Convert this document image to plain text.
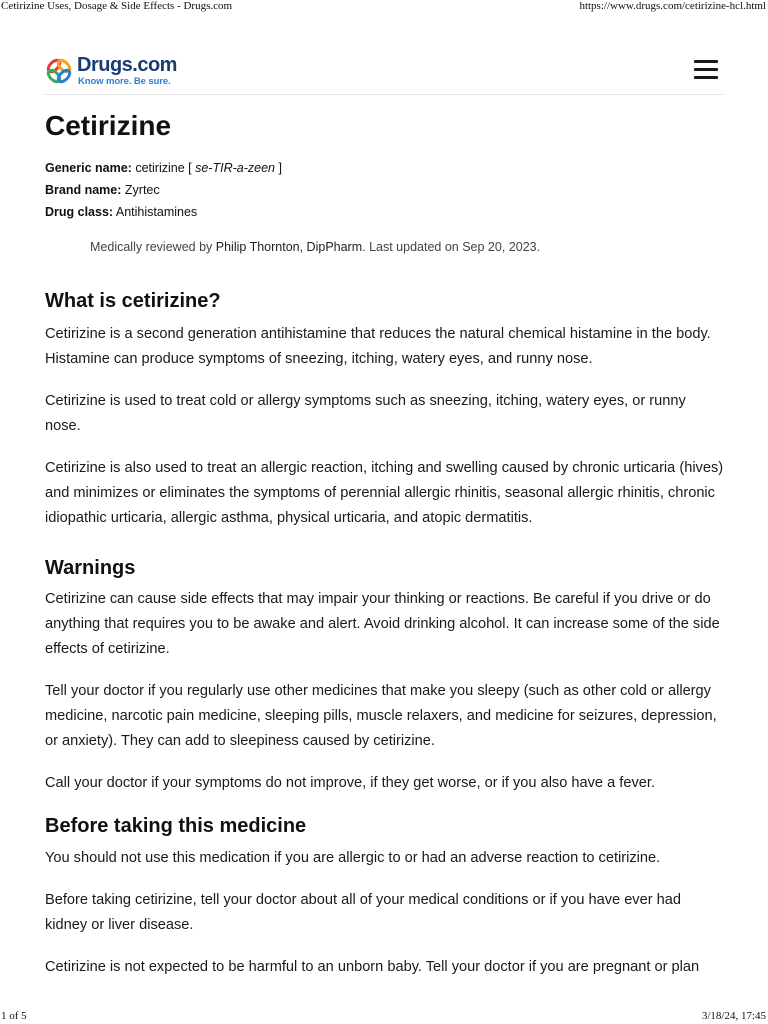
Cetirizine Uses, Dosage & Side Effects - Drugs.com	https://www.drugs.com/cetirizine-hcl.html
Drugs.com
Know more. Be sure.
Cetirizine
Generic name: cetirizine [ se-TIR-a-zeen ]
Brand name: Zyrtec
Drug class: Antihistamines
Medically reviewed by Philip Thornton, DipPharm. Last updated on Sep 20, 2023.
What is cetirizine?

Cetirizine is a second generation antihistamine that reduces the natural chemical histamine in the body. Histamine can produce symptoms of sneezing, itching, watery eyes, and runny nose.

Cetirizine is used to treat cold or allergy symptoms such as sneezing, itching, watery eyes, or runny nose.

Cetirizine is also used to treat an allergic reaction, itching and swelling caused by chronic urticaria (hives) and minimizes or eliminates the symptoms of perennial allergic rhinitis, seasonal allergic rhinitis, chronic idiopathic urticaria, allergic asthma, physical urticaria, and atopic dermatitis.

Warnings

Cetirizine can cause side effects that may impair your thinking or reactions. Be careful if you drive or do anything that requires you to be awake and alert. Avoid drinking alcohol. It can increase some of the side effects of cetirizine.

Tell your doctor if you regularly use other medicines that make you sleepy (such as other cold or allergy medicine, narcotic pain medicine, sleeping pills, muscle relaxers, and medicine for seizures, depression, or anxiety). They can add to sleepiness caused by cetirizine.

Call your doctor if your symptoms do not improve, if they get worse, or if you also have a fever.

Before taking this medicine

You should not use this medication if you are allergic to or had an adverse reaction to cetirizine.

Before taking cetirizine, tell your doctor about all of your medical conditions or if you have ever had kidney or liver disease.

Cetirizine is not expected to be harmful to an unborn baby. Tell your doctor if you are pregnant or plan

1 of 5	3/18/24, 17:45
